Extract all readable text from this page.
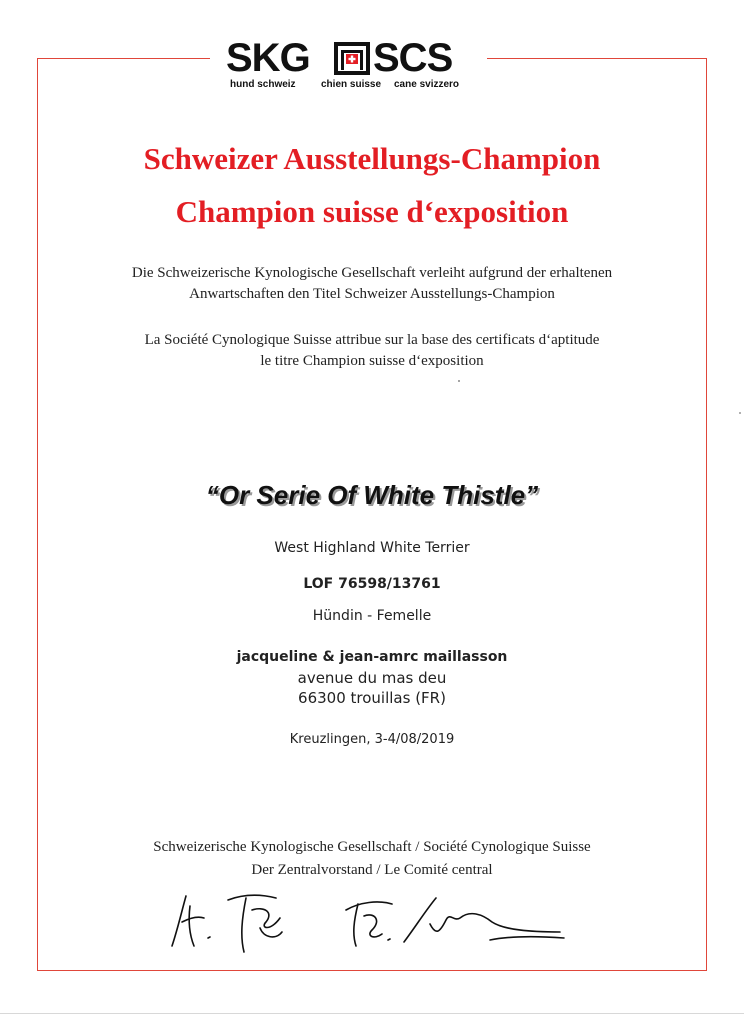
SKG SCS
hund schweiz	chien suisse cane svizzero
Schweizer Ausstellungs-Champion
Champion suisse d‘exposition
Die Schweizerische Kynologische Gesellschaft verleiht aufgrund der erhaltenen
Anwartschaften den Titel Schweizer Ausstellungs-Champion
La Société Cynologique Suisse attribue sur la base des certificats d‘aptitude
le titre Champion suisse d‘exposition
“Or Serie Of White Thistle”
West Highland White Terrier
LOF 76598/13761
Hündin - Femelle
jacqueline & jean-amrc maillasson
avenue du mas deu
66300 trouillas (FR)
Kreuzlingen, 3-4/08/2019
Schweizerische Kynologische Gesellschaft / Société Cynologique Suisse
Der Zentralvorstand / Le Comité central
